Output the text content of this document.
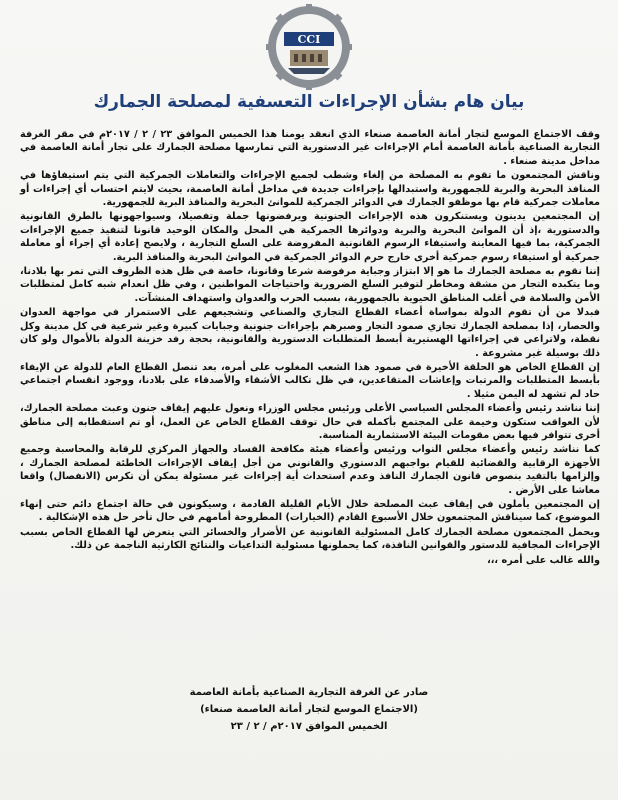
CCI
بيان هام بشأن الإجراءات التعسفية لمصلحة الجمارك

وقف الاجتماع الموسع لتجار أمانة العاصمة صنعاء الذي انعقد يومنا هذا الخميس الموافق ٢٣ / ٢ / ٢٠١٧م في مقر الغرفة التجارية الصناعية بأمانة العاصمة أمام الإجراءات غير الدستورية التي تمارسها مصلحة الجمارك على تجار أمانة العاصمة في مداخل مدينة صنعاء .

وناقش المجتمعون ما تقوم به المصلحة من إلغاء وشطب لجميع الإجراءات والتعاملات الجمركية التي يتم استيفاؤها في المنافذ البحرية والبرية للجمهورية واستبدالها بإجراءات جديدة في مداخل أمانة العاصمة، بحيث لايتم احتساب أي إجراءات أو معاملات جمركية قام بها موظفو الجمارك في الدوائر الجمركية للموانئ البحرية والمنافذ البرية للجمهورية.

إن المجتمعين يدينون ويستنكرون هذه الإجراءات الجنونية ويرفضونها جملة وتفصيلا، وسيواجهونها بالطرق القانونية والدستورية ،إذ أن الموانئ البحرية والبرية ودوائرها الجمركية هي المحل والمكان الوحيد قانونا لتنفيذ جميع الإجراءات الجمركية، بما فيها المعاينة واستيفاء الرسوم القانونية المفروضة على السلع التجارية ، ولايصح إعادة أي إجراء أو معاملة جمركية أو استيفاء رسوم جمركية أخرى خارج حرم الدوائر الجمركية في الموانئ البحرية والمنافذ البرية.

إننا نقوم به مصلحة الجمارك ما هو إلا ابتزاز وجباية مرفوضة شرعا وقانونا، خاصة في ظل هذه الظروف التي تمر بها بلادنا، وما يتكبده التجار من مشقة ومخاطر لتوفير السلع الضرورية واحتياجات المواطنين ، وفي ظل انعدام شبه كامل لمتطلبات الأمن والسلامة في أغلب المناطق الحيوية بالجمهورية، بسبب الحرب والعدوان واستهداف المنشآت.

فبدلا من أن تقوم الدولة بمواساة أعضاء القطاع التجاري والصناعي وتشجيعهم على الاستمرار في مواجهة العدوان والحصار، إذا بمصلحة الجمارك تجازي صمود التجار وصبرهم بإجراءات جنونية وجبايات كبيرة وغير شرعية في كل مدينة وكل نقطة، ولاتراعي في إجراءاتها الهستيرية أبسط المتطلبات الدستورية والقانونية، بحجة رفد خزينة الدولة بالأموال ولو كان ذلك بوسيلة غير مشروعة .

إن القطاع الخاص هو الحلقة الأخيرة في صمود هذا الشعب المغلوب على أمره، بعد تنصل القطاع العام للدولة عن الإيفاء بأبسط المتطلبات والمرتبات وإعاشات المتقاعدين، في ظل تكالب الأشقاء والأصدقاء على بلادنا، ووجود انقسام اجتماعي حاد لم تشهد له اليمن مثيلا .

إننا نناشد رئيس وأعضاء المجلس السياسي الأعلى ورئيس مجلس الوزراء ونعول عليهم إيقاف جنون وعبث مصلحة الجمارك، لأن العواقب ستكون وخيمة على المجتمع بأكمله في حال توقف القطاع الخاص عن العمل، أو تم استقطابه إلى مناطق أخرى تتوافر فيها بعض مقومات البيئة الاستثمارية المناسبة.

كما نناشد رئيس وأعضاء مجلس النواب ورئيس وأعضاء هيئة مكافحة الفساد والجهاز المركزي للرقابة والمحاسبة وجميع الأجهزة الرقابية والقضائية للقيام بواجبهم الدستوري والقانوني من أجل إيقاف الإجراءات الخاطئة لمصلحة الجمارك ، وإلزامها بالتقيد بنصوص قانون الجمارك النافذ وعدم استحداث أية إجراءات غير مسئولة يمكن أن تكرس (الانفصال) واقعا معاشا على الأرض .

إن المجتمعين يأملون في إيقاف عبث المصلحة خلال الأيام القليلة القادمة ، وسيكونون في حالة اجتماع دائم حتى إنهاء الموضوع، كما سيناقش المجتمعون خلال الأسبوع القادم (الخيارات) المطروحة أمامهم في حال تأخر حل هذه الإشكالية .

ويحمل المجتمعون مصلحة الجمارك كامل المسئولية القانونية عن الأضرار والخسائر التي يتعرض لها القطاع الخاص بسبب الإجراءات المجافية للدستور والقوانين النافذة، كما يحملونها مسئولية التداعيات والنتائج الكارثية الناجمة عن ذلك.

والله غالب على أمره ،،،

صادر عن الغرفة التجارية الصناعية بأمانة العاصمة
(الاجتماع الموسع لتجار أمانة العاصمة صنعاء)
الخميس الموافق ٢٠١٧م / ٢ / ٢٣
